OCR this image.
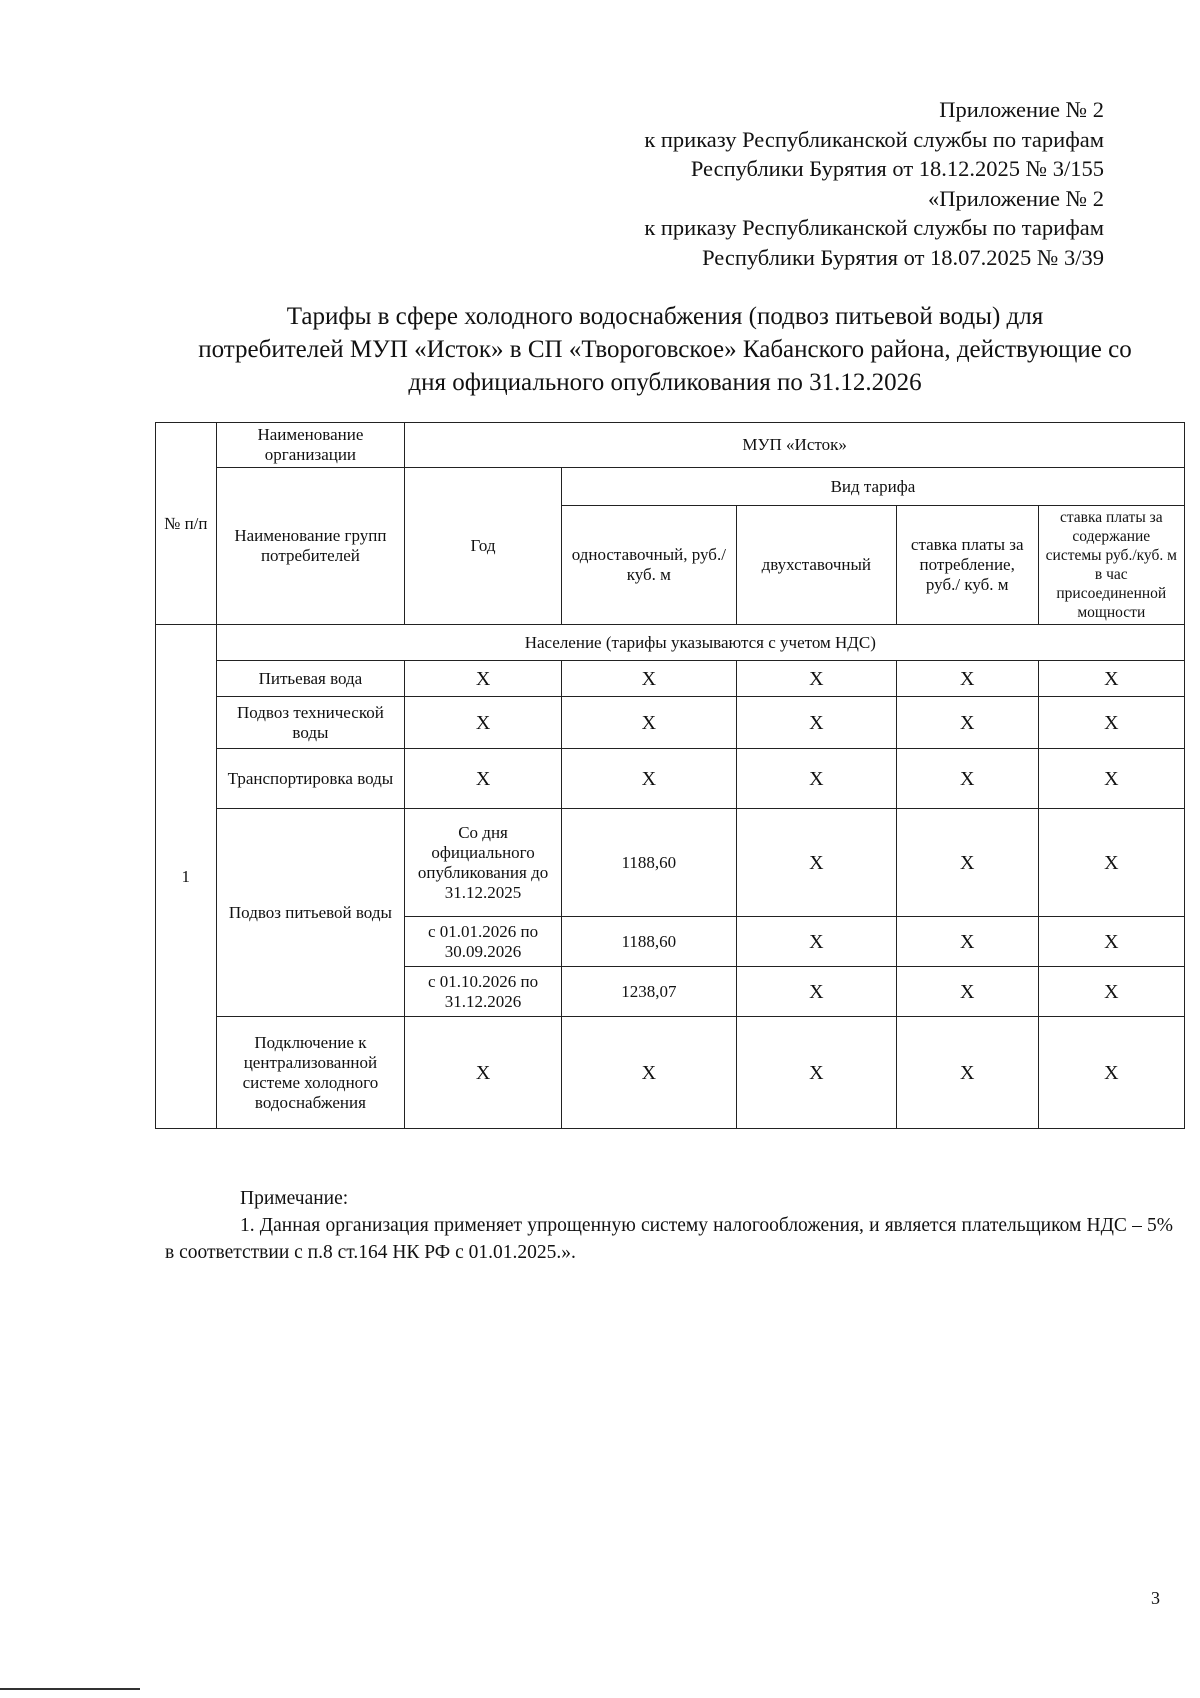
Приложение № 2
к приказу Республиканской службы по тарифам
Республики Бурятия от 18.12.2025 № 3/155
«Приложение № 2
к приказу Республиканской службы по тарифам
Республики Бурятия от 18.07.2025 № 3/39
Тарифы в сфере холодного водоснабжения (подвоз питьевой воды) для
потребителей МУП «Исток» в СП «Твороговское» Кабанского района, действующие со
дня официального опубликования по 31.12.2026
№ п/п	Наименование организации	МУП «Исток»				
	Наименование групп потребителей	Год	Вид тарифа			
			одноставочный, руб./ куб. м	двухставочный	ставка платы за потребление, руб./ куб. м	ставка платы за содержание системы руб./куб. м в час присоединенной мощности
1	Население (тарифы указываются с учетом НДС)					
	Питьевая вода	Х	Х	Х	Х	Х
	Подвоз технической воды	Х	Х	Х	Х	Х
	Транспортировка воды	Х	Х	Х	Х	Х
	Подвоз питьевой воды	Со дня официального опубликования до 31.12.2025	1188,60	Х	Х	Х
		с 01.01.2026 по 30.09.2026	1188,60	Х	Х	Х
		с 01.10.2026 по 31.12.2026	1238,07	Х	Х	Х
	Подключение к централизованной системе холодного водоснабжения	Х	Х	Х	Х	Х
Примечание:
1. Данная организация применяет упрощенную систему налогообложения, и является плательщиком НДС – 5% в соответствии с п.8 ст.164 НК РФ с 01.01.2025.».
3
